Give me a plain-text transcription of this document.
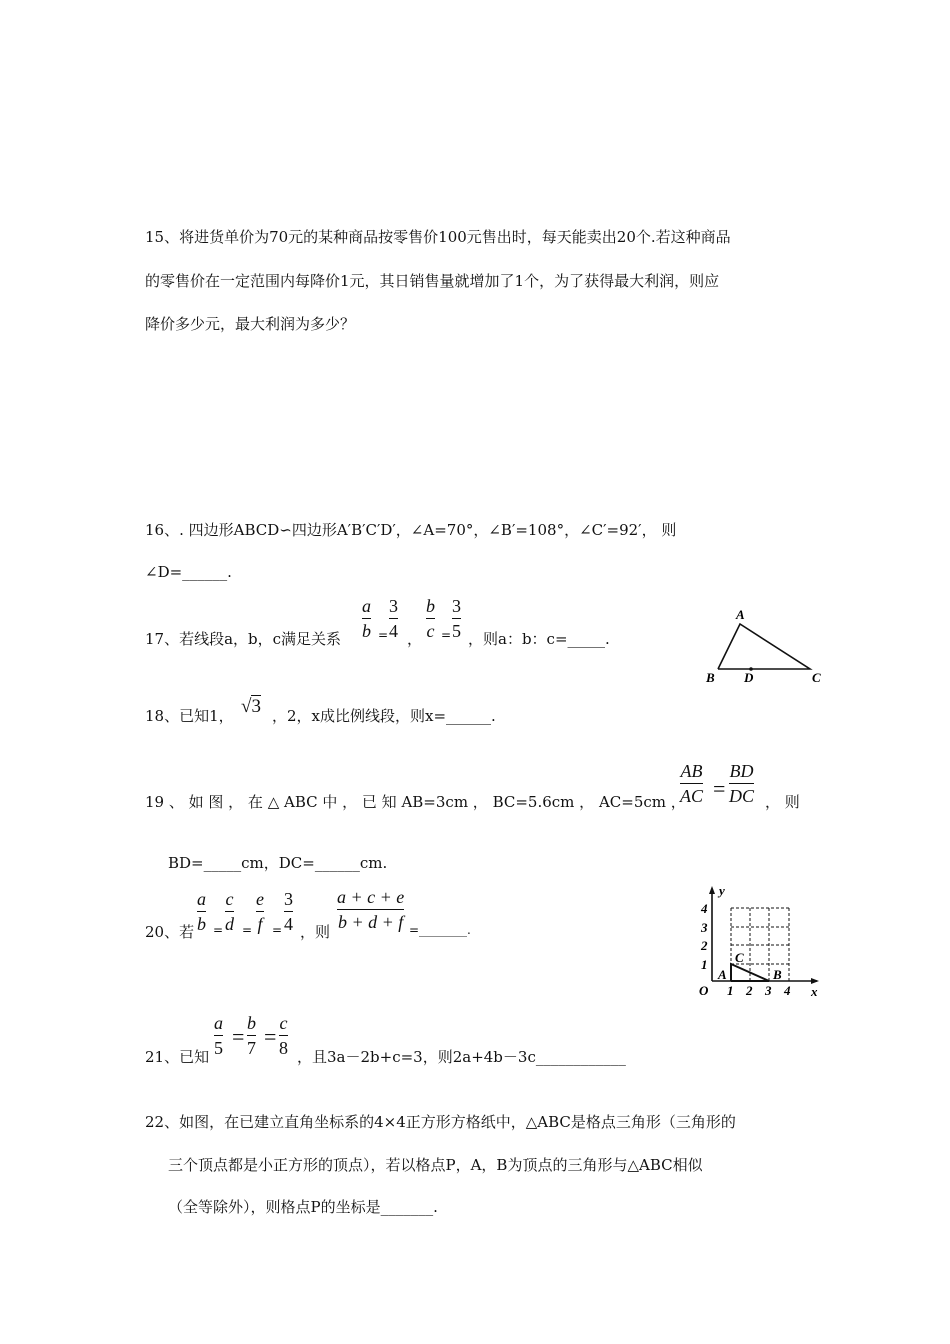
15、将进货单价为70元的某种商品按零售价100元售出时，每天能卖出20个.若这种商品
的零售价在一定范围内每降价1元，其日销售量就增加了1个，为了获得最大利润，则应
降价多少元，最大利润为多少？
16、. 四边形ABCD∽四边形A′B′C′D′，∠A=70°，∠B′=108°，∠C′=92′， 则
∠D=______.
17、若线段a，b，c满足关系
a
b =
3
4 ，
b
c =
3
5 ，则a：b：c=_____.
A
B D	C
18、已知1， √3 ，2，x成比例线段，则x=______.
19 、 如 图 ， 在 △ ABC 中 ， 已 知 AB=3cm ， BC=5.6cm ， AC=5cm ，
AB
AC =
BD
DC ， 则
BD=_____cm，DC=______cm.
20、若
a
b =
c
d =
e
f =
3
4 ，则
a + c + e
b + d + f =________.
y
x
O
A
C
B
1 2 3 4
1
2
3
4
21、已知
a
5 =
b
7 =
c
8 ，且3a－2b+c=3，则2a+4b－3c____________
22、如图，在已建立直角坐标系的4×4正方形方格纸中，△ABC是格点三角形（三角形的
三个顶点都是小正方形的顶点），若以格点P，A，B为顶点的三角形与△ABC相似
（全等除外），则格点P的坐标是_______.
